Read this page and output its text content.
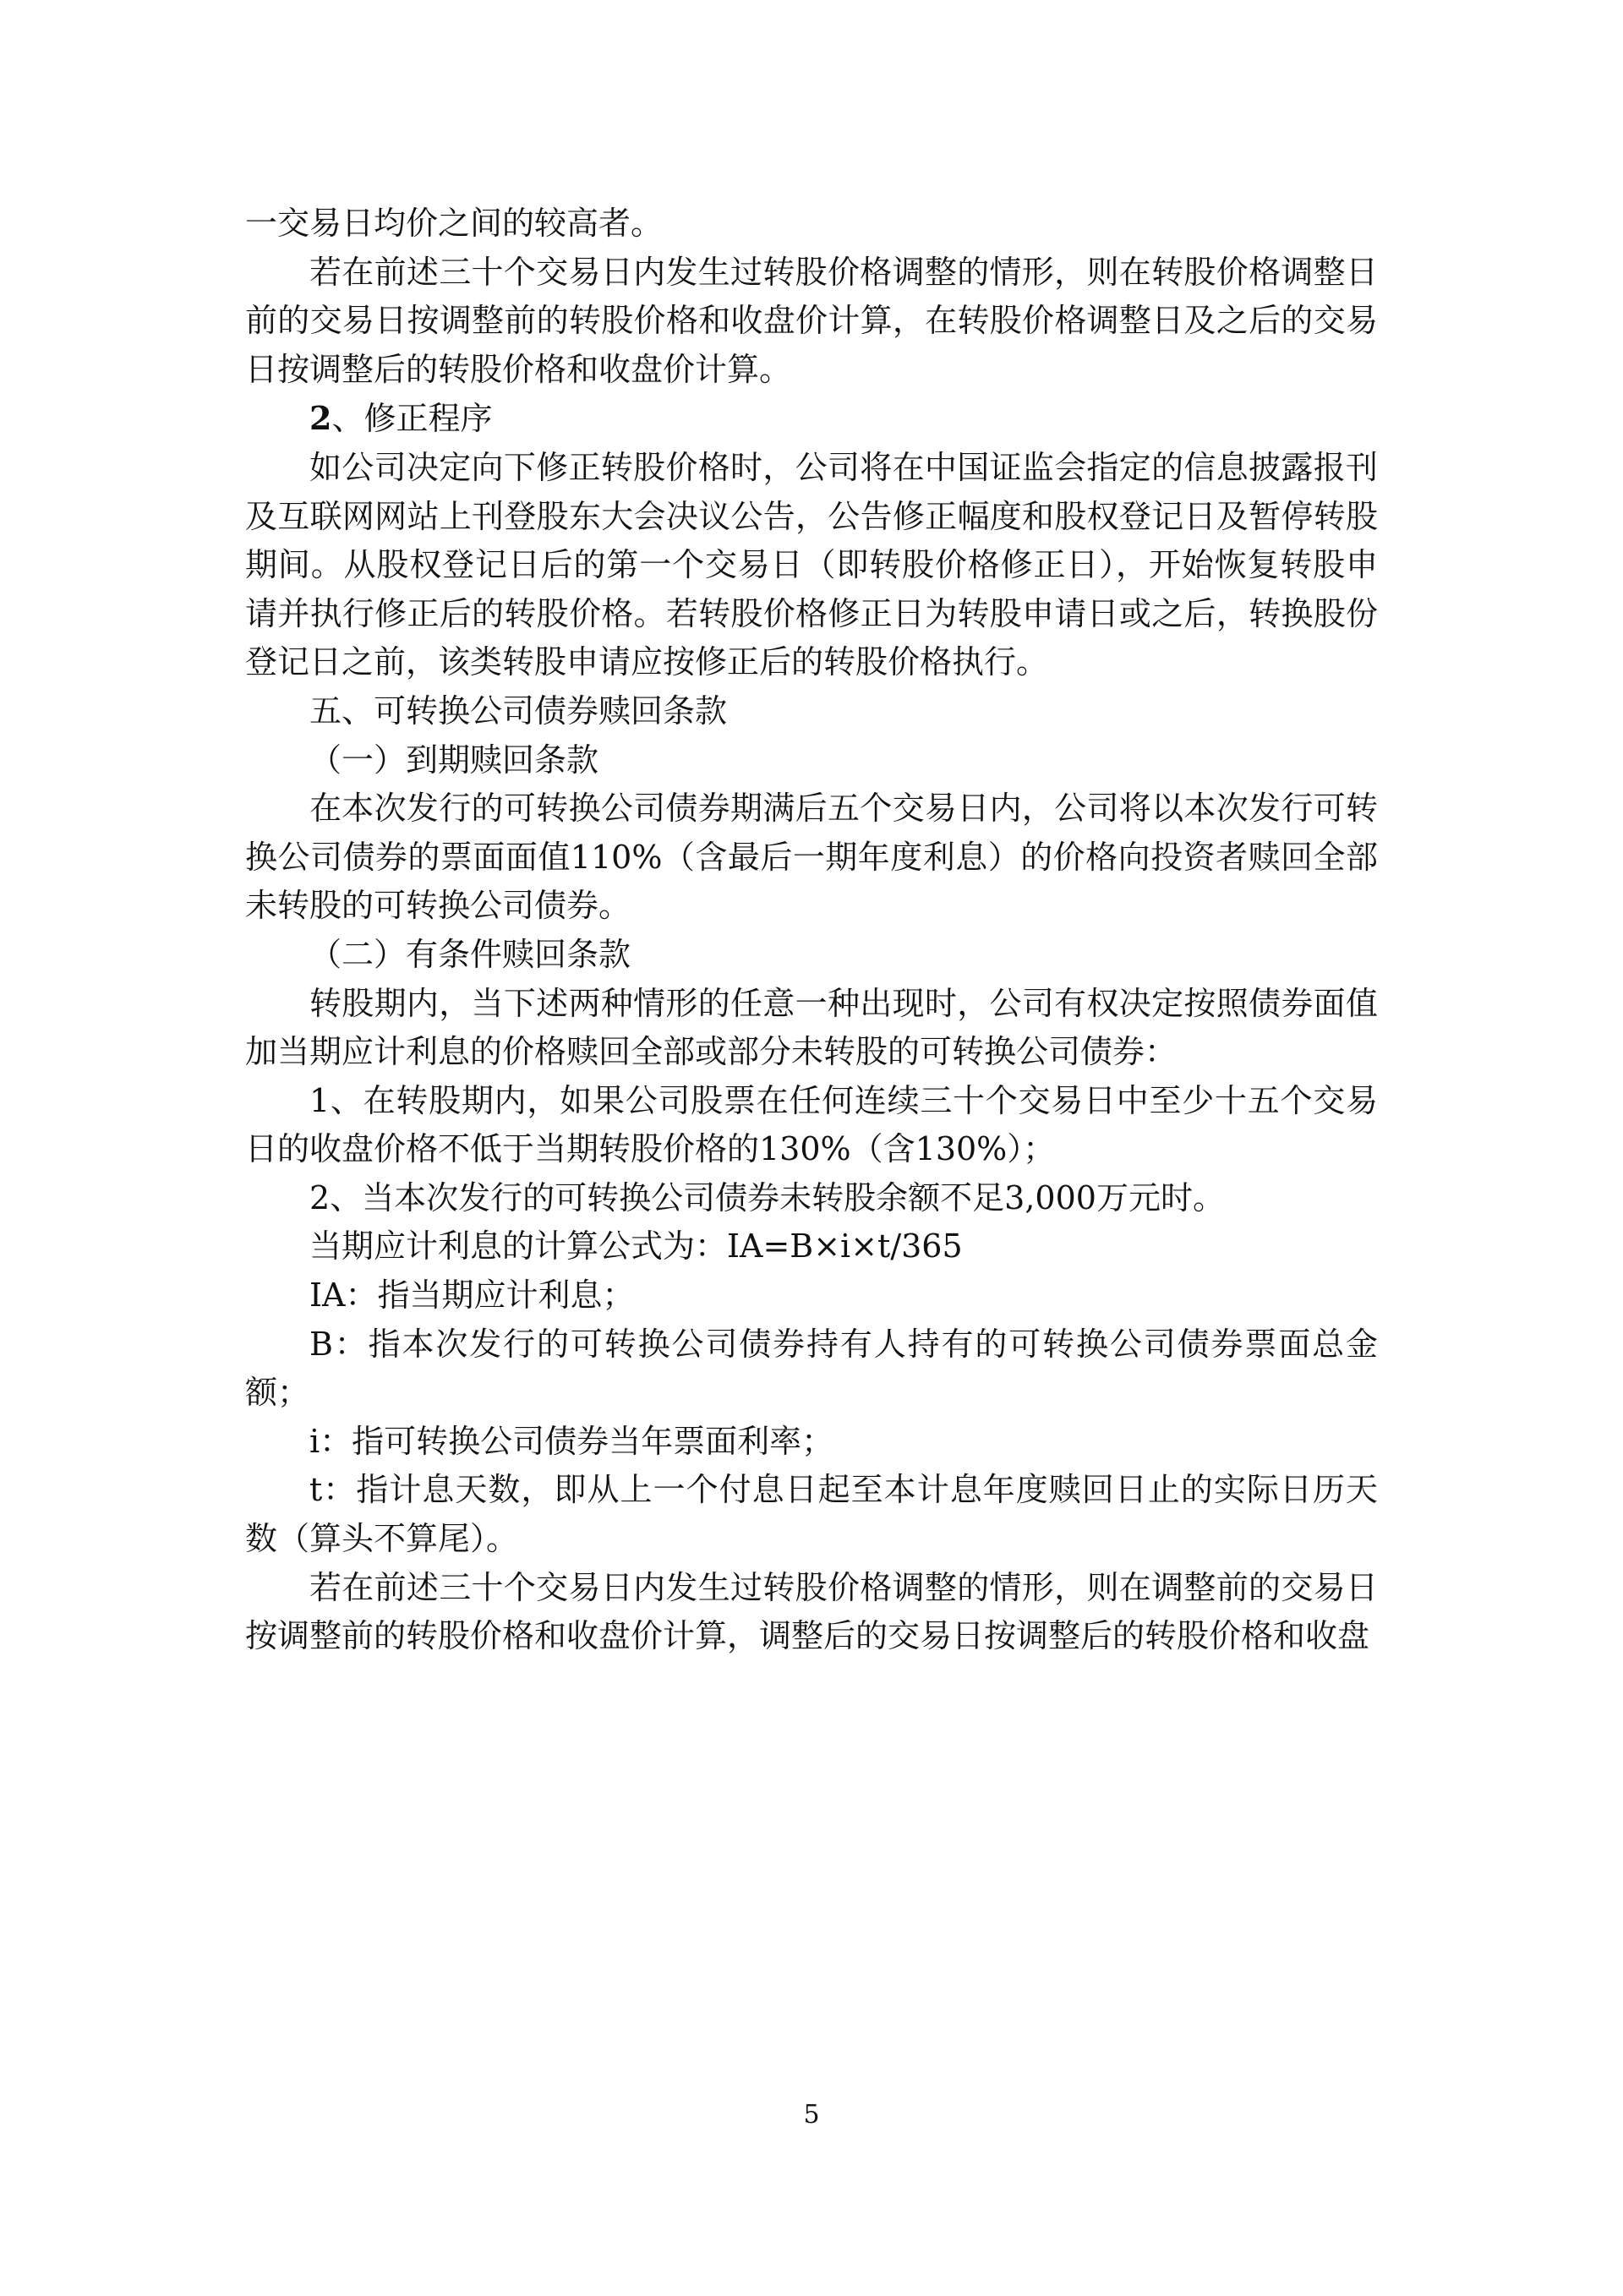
一交易日均价之间的较高者。

若在前述三十个交易日内发生过转股价格调整的情形，则在转股价格调整日前的交易日按调整前的转股价格和收盘价计算，在转股价格调整日及之后的交易日按调整后的转股价格和收盘价计算。

2、修正程序

如公司决定向下修正转股价格时，公司将在中国证监会指定的信息披露报刊及互联网网站上刊登股东大会决议公告，公告修正幅度和股权登记日及暂停转股期间。从股权登记日后的第一个交易日（即转股价格修正日），开始恢复转股申请并执行修正后的转股价格。若转股价格修正日为转股申请日或之后，转换股份登记日之前，该类转股申请应按修正后的转股价格执行。

五、可转换公司债券赎回条款

（一）到期赎回条款

在本次发行的可转换公司债券期满后五个交易日内，公司将以本次发行可转换公司债券的票面面值110%（含最后一期年度利息）的价格向投资者赎回全部未转股的可转换公司债券。

（二）有条件赎回条款

转股期内，当下述两种情形的任意一种出现时，公司有权决定按照债券面值加当期应计利息的价格赎回全部或部分未转股的可转换公司债券：

1、在转股期内，如果公司股票在任何连续三十个交易日中至少十五个交易日的收盘价格不低于当期转股价格的130%（含130%）；

2、当本次发行的可转换公司债券未转股余额不足3,000万元时。

当期应计利息的计算公式为：IA=B×i×t/365

IA：指当期应计利息；

B：指本次发行的可转换公司债券持有人持有的可转换公司债券票面总金额；

i：指可转换公司债券当年票面利率；

t：指计息天数，即从上一个付息日起至本计息年度赎回日止的实际日历天数（算头不算尾）。

若在前述三十个交易日内发生过转股价格调整的情形，则在调整前的交易日按调整前的转股价格和收盘价计算，调整后的交易日按调整后的转股价格和收盘

5
